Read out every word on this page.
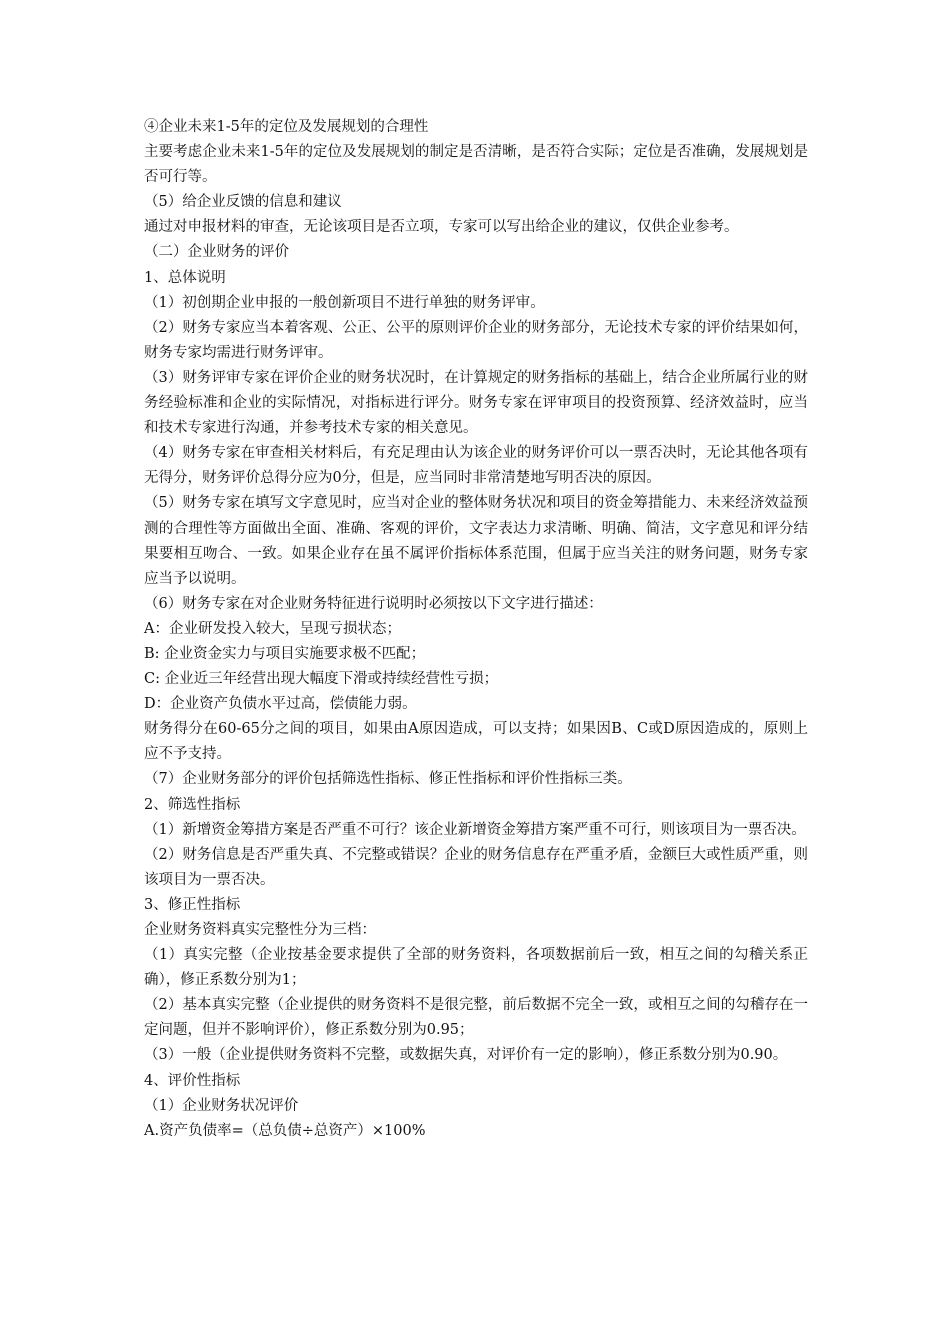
④企业未来1-5年的定位及发展规划的合理性

主要考虑企业未来1-5年的定位及发展规划的制定是否清晰，是否符合实际；定位是否准确，发展规划是否可行等。

（5）给企业反馈的信息和建议

通过对申报材料的审查，无论该项目是否立项，专家可以写出给企业的建议，仅供企业参考。

（二）企业财务的评价

1、总体说明

（1）初创期企业申报的一般创新项目不进行单独的财务评审。

（2）财务专家应当本着客观、公正、公平的原则评价企业的财务部分，无论技术专家的评价结果如何，财务专家均需进行财务评审。

（3）财务评审专家在评价企业的财务状况时，在计算规定的财务指标的基础上，结合企业所属行业的财务经验标准和企业的实际情况，对指标进行评分。财务专家在评审项目的投资预算、经济效益时，应当和技术专家进行沟通，并参考技术专家的相关意见。

（4）财务专家在审查相关材料后，有充足理由认为该企业的财务评价可以一票否决时，无论其他各项有无得分，财务评价总得分应为0分，但是，应当同时非常清楚地写明否决的原因。

（5）财务专家在填写文字意见时，应当对企业的整体财务状况和项目的资金筹措能力、未来经济效益预测的合理性等方面做出全面、准确、客观的评价，文字表达力求清晰、明确、简洁，文字意见和评分结果要相互吻合、一致。如果企业存在虽不属评价指标体系范围，但属于应当关注的财务问题，财务专家应当予以说明。

（6）财务专家在对企业财务特征进行说明时必须按以下文字进行描述：

A：企业研发投入较大，呈现亏损状态；

B: 企业资金实力与项目实施要求极不匹配；

C: 企业近三年经营出现大幅度下滑或持续经营性亏损；

D：企业资产负债水平过高，偿债能力弱。

财务得分在60-65分之间的项目，如果由A原因造成，可以支持；如果因B、C或D原因造成的，原则上应不予支持。

（7）企业财务部分的评价包括筛选性指标、修正性指标和评价性指标三类。

2、筛选性指标

（1）新增资金筹措方案是否严重不可行？该企业新增资金筹措方案严重不可行，则该项目为一票否决。

（2）财务信息是否严重失真、不完整或错误？企业的财务信息存在严重矛盾，金额巨大或性质严重，则该项目为一票否决。

3、修正性指标

企业财务资料真实完整性分为三档：

（1）真实完整（企业按基金要求提供了全部的财务资料，各项数据前后一致，相互之间的勾稽关系正确），修正系数分别为1；

（2）基本真实完整（企业提供的财务资料不是很完整，前后数据不完全一致，或相互之间的勾稽存在一定问题，但并不影响评价），修正系数分别为0.95；

（3）一般（企业提供财务资料不完整，或数据失真，对评价有一定的影响），修正系数分别为0.90。

4、评价性指标

（1）企业财务状况评价

A.资产负债率=（总负债÷总资产）×100%
